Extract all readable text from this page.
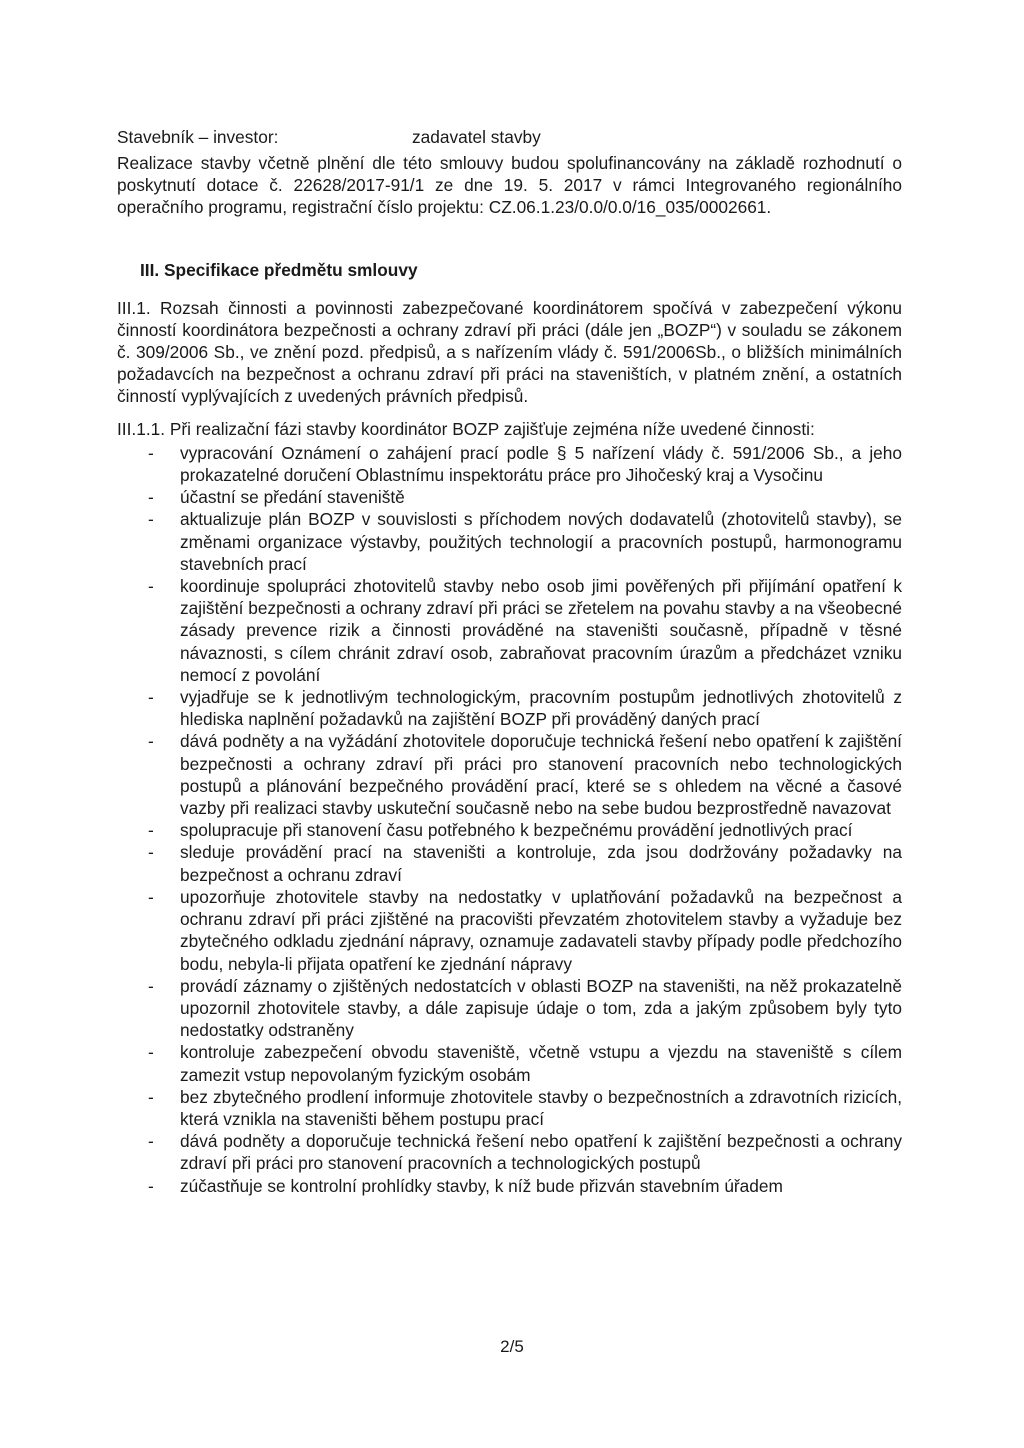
Stavebník – investor:	zadavatel stavby

Realizace stavby včetně plnění dle této smlouvy budou spolufinancovány na základě rozhodnutí o poskytnutí dotace č. 22628/2017-91/1 ze dne 19. 5. 2017 v rámci Integrovaného regionálního operačního programu, registrační číslo projektu: CZ.06.1.23/0.0/0.0/16_035/0002661.

III. Specifikace předmětu smlouvy

III.1. Rozsah činnosti a povinnosti zabezpečované koordinátorem spočívá v zabezpečení výkonu činností koordinátora bezpečnosti a ochrany zdraví při práci (dále jen „BOZP“) v souladu se zákonem č. 309/2006 Sb., ve znění pozd. předpisů, a s nařízením vlády č. 591/2006Sb., o bližších minimálních požadavcích na bezpečnost a ochranu zdraví při práci na staveništích, v platném znění, a ostatních činností vyplývajících z uvedených právních předpisů.

III.1.1. Při realizační fázi stavby koordinátor BOZP zajišťuje zejména níže uvedené činnosti:

- vypracování Oznámení o zahájení prací podle § 5 nařízení vlády č. 591/2006 Sb., a jeho prokazatelné doručení Oblastnímu inspektorátu práce pro Jihočeský kraj a Vysočinu
- účastní se předání staveniště
- aktualizuje plán BOZP v souvislosti s příchodem nových dodavatelů (zhotovitelů stavby), se změnami organizace výstavby, použitých technologií a pracovních postupů, harmonogramu stavebních prací
- koordinuje spolupráci zhotovitelů stavby nebo osob jimi pověřených při přijímání opatření k zajištění bezpečnosti a ochrany zdraví při práci se zřetelem na povahu stavby a na všeobecné zásady prevence rizik a činnosti prováděné na staveništi současně, případně v těsné návaznosti, s cílem chránit zdraví osob, zabraňovat pracovním úrazům a předcházet vzniku nemocí z povolání
- vyjadřuje se k jednotlivým technologickým, pracovním postupům jednotlivých zhotovitelů z hlediska naplnění požadavků na zajištění BOZP při prováděný daných prací
- dává podněty a na vyžádání zhotovitele doporučuje technická řešení nebo opatření k zajištění bezpečnosti a ochrany zdraví při práci pro stanovení pracovních nebo technologických postupů a plánování bezpečného provádění prací, které se s ohledem na věcné a časové vazby při realizaci stavby uskuteční současně nebo na sebe budou bezprostředně navazovat
- spolupracuje při stanovení času potřebného k bezpečnému provádění jednotlivých prací
- sleduje provádění prací na staveništi a kontroluje, zda jsou dodržovány požadavky na bezpečnost a ochranu zdraví
- upozorňuje zhotovitele stavby na nedostatky v uplatňování požadavků na bezpečnost a ochranu zdraví při práci zjištěné na pracovišti převzatém zhotovitelem stavby a vyžaduje bez zbytečného odkladu zjednání nápravy, oznamuje zadavateli stavby případy podle předchozího bodu, nebyla-li přijata opatření ke zjednání nápravy
- provádí záznamy o zjištěných nedostatcích v oblasti BOZP na staveništi, na něž prokazatelně upozornil zhotovitele stavby, a dále zapisuje údaje o tom, zda a jakým způsobem byly tyto nedostatky odstraněny
- kontroluje zabezpečení obvodu staveniště, včetně vstupu a vjezdu na staveniště s cílem zamezit vstup nepovolaným fyzickým osobám
- bez zbytečného prodlení informuje zhotovitele stavby o bezpečnostních a zdravotních rizicích, která vznikla na staveništi během postupu prací
- dává podněty a doporučuje technická řešení nebo opatření k zajištění bezpečnosti a ochrany zdraví při práci pro stanovení pracovních a technologických postupů
- zúčastňuje se kontrolní prohlídky stavby, k níž bude přizván stavebním úřadem
2/5
